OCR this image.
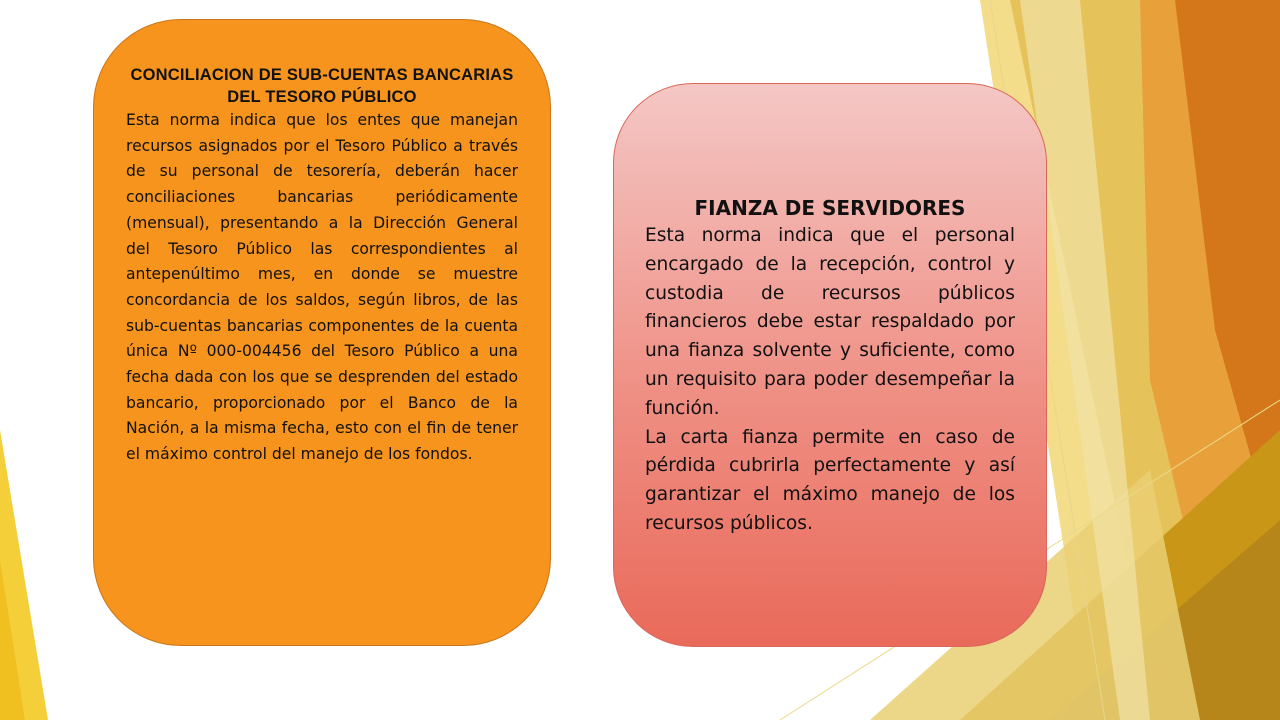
CONCILIACION DE SUB-CUENTAS BANCARIAS DEL TESORO PÚBLICO

Esta norma indica que los entes que manejan recursos asignados por el Tesoro Público a través de su personal de tesorería, deberán hacer conciliaciones bancarias periódicamente (mensual), presentando a la Dirección General del Tesoro Público las correspondientes al antepenúltimo mes, en donde se muestre concordancia de los saldos, según libros, de las sub-cuentas bancarias componentes de la cuenta única Nº 000-004456 del Tesoro Público a una fecha dada con los que se desprenden del estado bancario, proporcionado por el Banco de la Nación, a la misma fecha, esto con el fin de tener el máximo control del manejo de los fondos.

FIANZA DE SERVIDORES

Esta norma indica que el personal encargado de la recepción, control y custodia de recursos públicos financieros debe estar respaldado por una fianza solvente y suficiente, como un requisito para poder desempeñar la función.

La carta fianza permite en caso de pérdida cubrirla perfectamente y así garantizar el máximo manejo de los recursos públicos.
